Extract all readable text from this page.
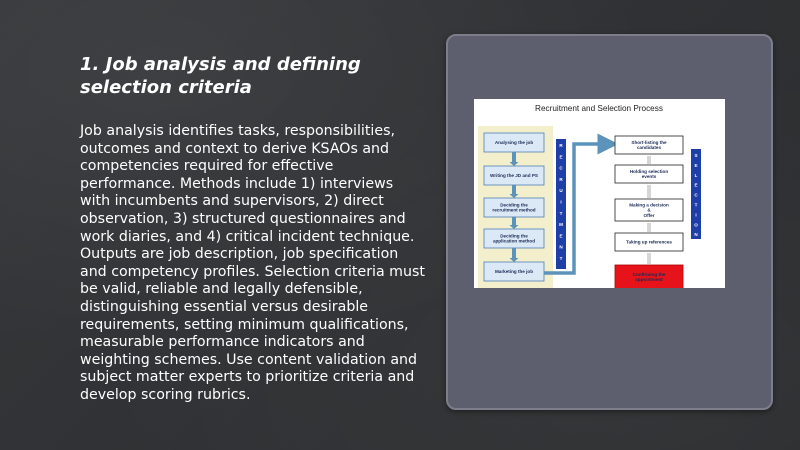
1. Job analysis and defining selection criteria

Job analysis identifies tasks, responsibilities, outcomes and context to derive KSAOs and competencies required for effective performance. Methods include 1) interviews with incumbents and supervisors, 2) direct observation, 3) structured questionnaires and work diaries, and 4) critical incident technique. Outputs are job description, job specification and competency profiles. Selection criteria must be valid, reliable and legally defensible, distinguishing essential versus desirable requirements, setting minimum qualifications, measurable performance indicators and weighting schemes. Use content validation and subject matter experts to prioritize criteria and develop scoring rubrics.

Recruitment and Selection Process
Analysing the job
Writing the JD and PS
Deciding the
recruitment method
Deciding the
application method
Marketing the job
R
E
C
R
U
I
T
M
E
N
T
Short-listing the
candidates
Holding selection
events
Making a decision
&
Offer
Taking up references
Confirming the
appointment
S
E
L
E
C
T
I
O
N
